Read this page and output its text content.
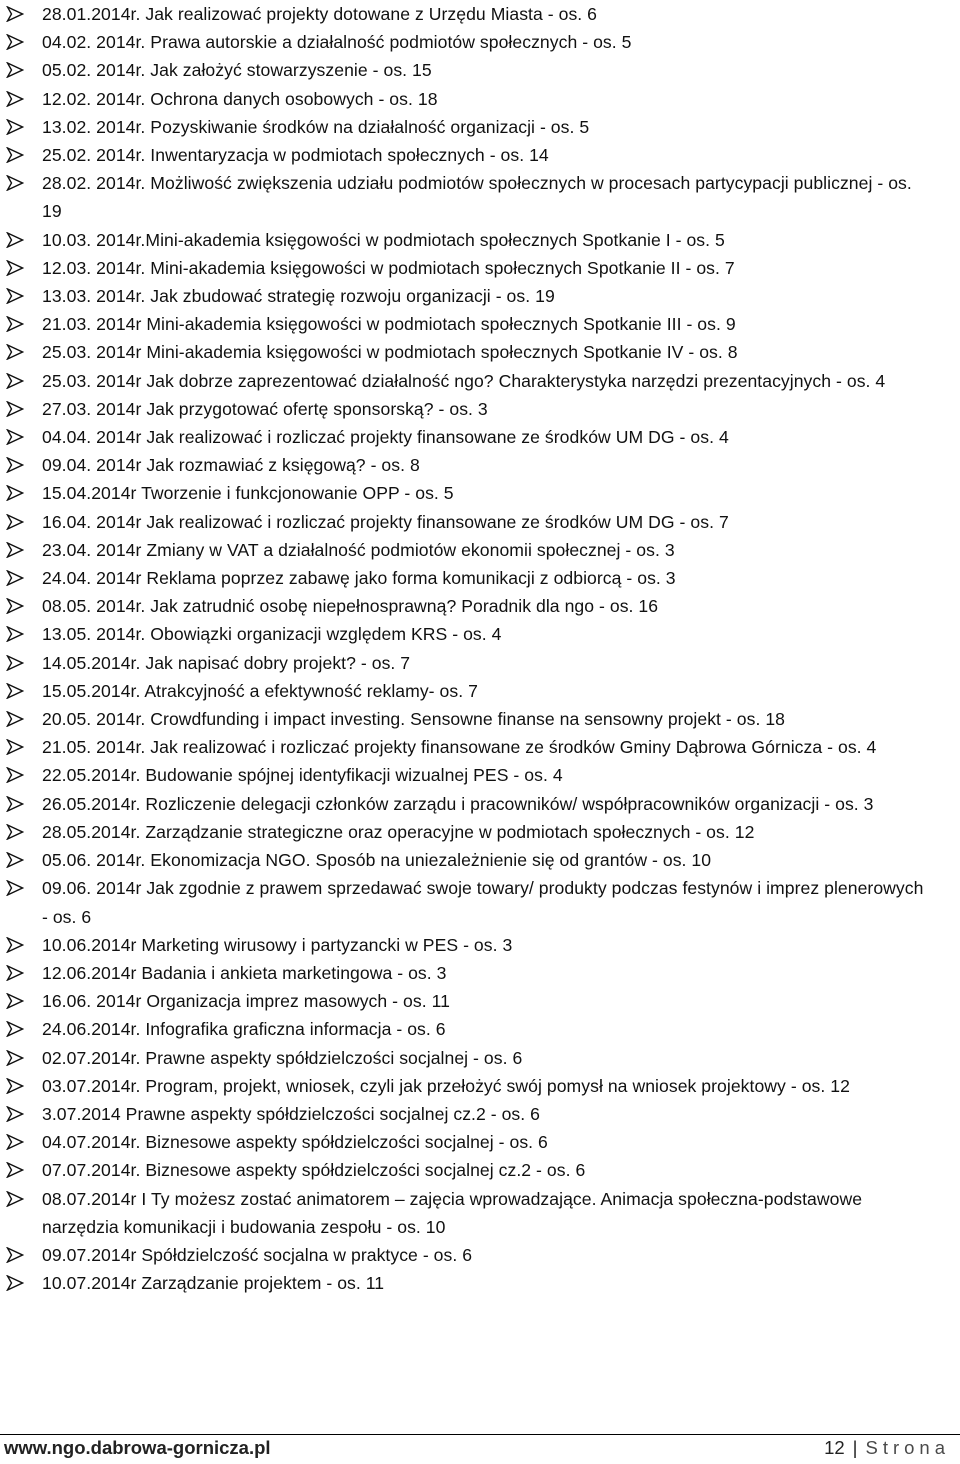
28.01.2014r. Jak realizować projekty dotowane z Urzędu Miasta - os. 6
04.02. 2014r. Prawa autorskie a działalność podmiotów społecznych - os. 5
05.02. 2014r. Jak założyć stowarzyszenie - os. 15
12.02. 2014r. Ochrona danych osobowych - os. 18
13.02. 2014r. Pozyskiwanie środków na działalność organizacji - os. 5
25.02. 2014r. Inwentaryzacja w podmiotach społecznych - os. 14
28.02. 2014r. Możliwość zwiększenia udziału podmiotów społecznych w procesach partycypacji publicznej - os. 19
10.03. 2014r.Mini-akademia księgowości w podmiotach społecznych Spotkanie I - os. 5
12.03. 2014r. Mini-akademia księgowości w podmiotach społecznych Spotkanie II - os. 7
13.03. 2014r. Jak zbudować strategię rozwoju organizacji - os. 19
21.03. 2014r Mini-akademia księgowości w podmiotach społecznych Spotkanie III - os. 9
25.03. 2014r Mini-akademia księgowości w podmiotach społecznych Spotkanie IV - os. 8
25.03. 2014r Jak dobrze zaprezentować działalność ngo? Charakterystyka narzędzi prezentacyjnych - os. 4
27.03. 2014r Jak przygotować ofertę sponsorską? - os. 3
04.04. 2014r Jak realizować i rozliczać projekty finansowane ze środków UM DG - os. 4
09.04. 2014r Jak rozmawiać z księgową? - os. 8
15.04.2014r Tworzenie i funkcjonowanie OPP - os. 5
16.04. 2014r Jak realizować i rozliczać projekty finansowane ze środków UM DG - os. 7
23.04. 2014r Zmiany w VAT a działalność podmiotów ekonomii społecznej - os. 3
24.04. 2014r Reklama poprzez zabawę jako forma komunikacji z odbiorcą - os. 3
08.05. 2014r. Jak zatrudnić osobę niepełnosprawną? Poradnik dla ngo - os. 16
13.05. 2014r. Obowiązki organizacji względem KRS - os. 4
14.05.2014r. Jak napisać dobry projekt? - os. 7
15.05.2014r. Atrakcyjność a efektywność reklamy- os. 7
20.05. 2014r. Crowdfunding i impact investing. Sensowne finanse na sensowny projekt - os. 18
21.05. 2014r. Jak realizować i rozliczać projekty finansowane ze środków Gminy Dąbrowa Górnicza - os. 4
22.05.2014r. Budowanie spójnej identyfikacji wizualnej PES - os. 4
26.05.2014r. Rozliczenie delegacji członków zarządu i pracowników/ współpracowników organizacji - os. 3
28.05.2014r. Zarządzanie strategiczne oraz operacyjne w podmiotach społecznych - os. 12
05.06. 2014r. Ekonomizacja NGO. Sposób na uniezależnienie się od grantów - os. 10
09.06. 2014r Jak zgodnie z prawem sprzedawać swoje towary/ produkty podczas festynów i imprez plenerowych - os. 6
10.06.2014r Marketing wirusowy i partyzancki w PES - os. 3
12.06.2014r Badania i ankieta marketingowa - os. 3
16.06. 2014r Organizacja imprez masowych - os. 11
24.06.2014r. Infografika graficzna informacja - os. 6
02.07.2014r. Prawne aspekty spółdzielczości socjalnej - os. 6
03.07.2014r. Program, projekt, wniosek, czyli jak przełożyć swój pomysł na wniosek projektowy - os. 12
3.07.2014 Prawne aspekty spółdzielczości socjalnej cz.2 - os. 6
04.07.2014r. Biznesowe aspekty spółdzielczości socjalnej - os. 6
07.07.2014r. Biznesowe aspekty spółdzielczości socjalnej cz.2 - os. 6
08.07.2014r I Ty możesz zostać animatorem – zajęcia wprowadzające. Animacja społeczna-podstawowe narzędzia komunikacji i budowania zespołu - os. 10
09.07.2014r Spółdzielczość socjalna w praktyce - os. 6
10.07.2014r Zarządzanie projektem - os. 11
www.ngo.dabrowa-gornicza.pl	12 | Strona
